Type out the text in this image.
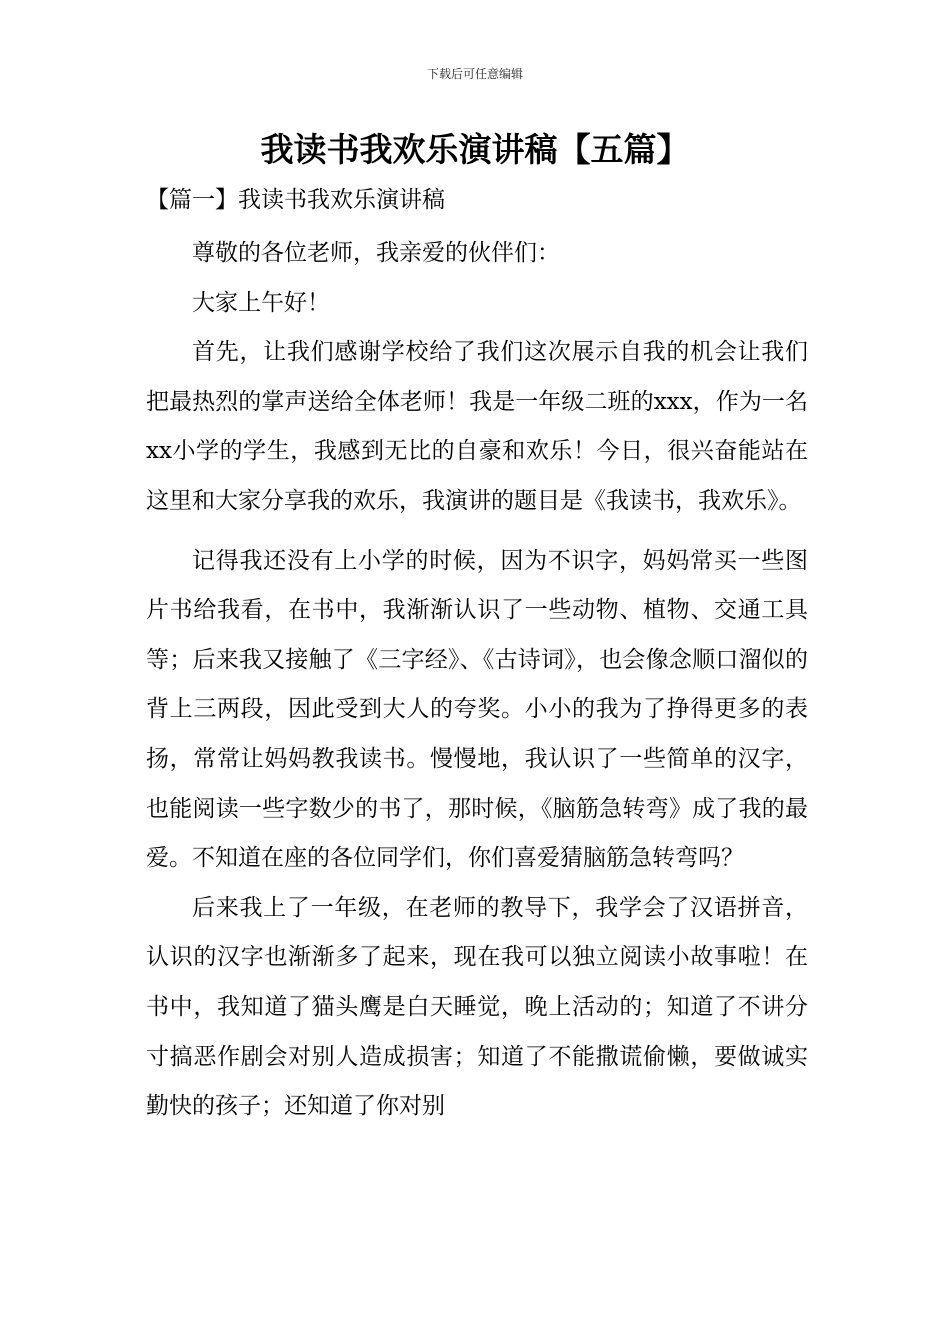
下载后可任意编辑
我读书我欢乐演讲稿【五篇】

【篇一】我读书我欢乐演讲稿

尊敬的各位老师，我亲爱的伙伴们：

大家上午好！

首先，让我们感谢学校给了我们这次展示自我的机会让我们把最热烈的掌声送给全体老师！我是一年级二班的xxx，作为一名xx小学的学生，我感到无比的自豪和欢乐！今日，很兴奋能站在这里和大家分享我的欢乐，我演讲的题目是《我读书，我欢乐》。

记得我还没有上小学的时候，因为不识字，妈妈常买一些图片书给我看，在书中，我渐渐认识了一些动物、植物、交通工具等；后来我又接触了《三字经》、《古诗词》，也会像念顺口溜似的背上三两段，因此受到大人的夸奖。小小的我为了挣得更多的表扬，常常让妈妈教我读书。慢慢地，我认识了一些简单的汉字，也能阅读一些字数少的书了，那时候，《脑筋急转弯》成了我的最爱。不知道在座的各位同学们，你们喜爱猜脑筋急转弯吗？

后来我上了一年级，在老师的教导下，我学会了汉语拼音，认识的汉字也渐渐多了起来，现在我可以独立阅读小故事啦！在书中，我知道了猫头鹰是白天睡觉，晚上活动的；知道了不讲分寸搞恶作剧会对别人造成损害；知道了不能撒谎偷懒，要做诚实勤快的孩子；还知道了你对别
